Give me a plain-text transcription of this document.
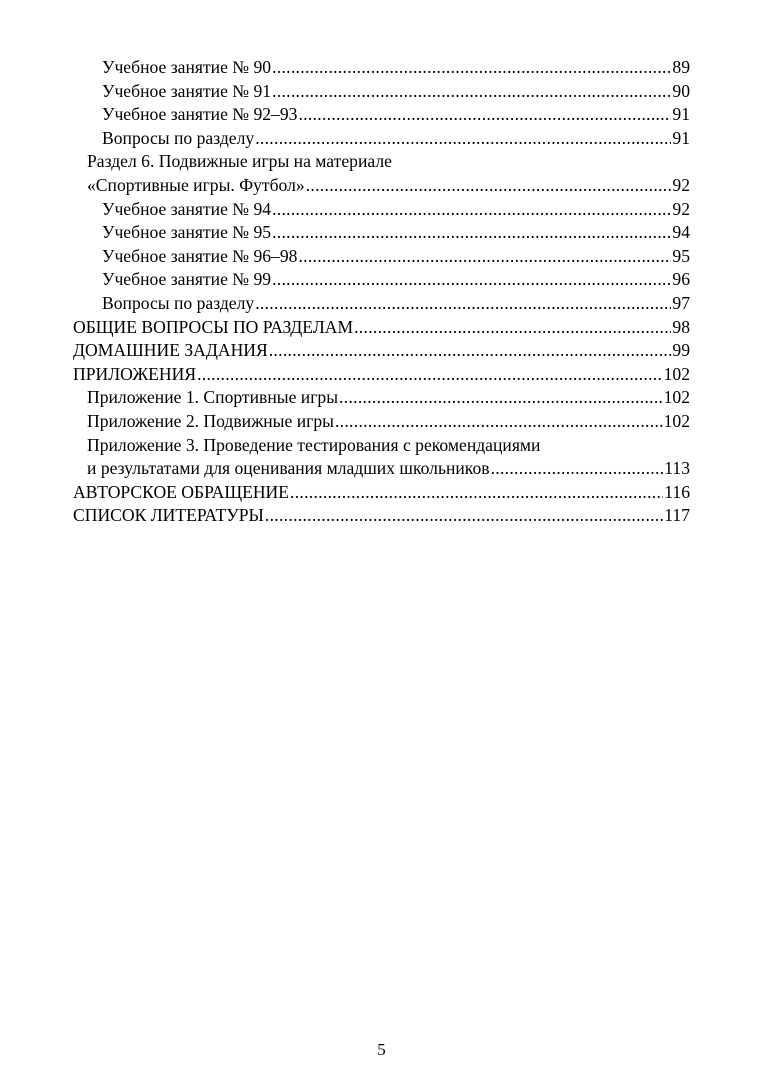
Учебное занятие № 90 .....	89
Учебное занятие № 91 .....	90
Учебное занятие № 92–93 .....	91
Вопросы по разделу .....	91
Раздел 6. Подвижные игры на материале
«Спортивные игры. Футбол» .....	92
Учебное занятие № 94 .....	92
Учебное занятие № 95 .....	94
Учебное занятие № 96–98 .....	95
Учебное занятие № 99 .....	96
Вопросы по разделу .....	97
ОБЩИЕ ВОПРОСЫ ПО РАЗДЕЛАМ .....	98
ДОМАШНИЕ ЗАДАНИЯ .....	99
ПРИЛОЖЕНИЯ .....	102
Приложение 1. Спортивные игры .....	102
Приложение 2. Подвижные игры .....	102
Приложение 3. Проведение тестирования с рекомендациями
и результатами для оценивания младших школьников .....	113
АВТОРСКОЕ ОБРАЩЕНИЕ .....	116
СПИСОК ЛИТЕРАТУРЫ .....	117
5
